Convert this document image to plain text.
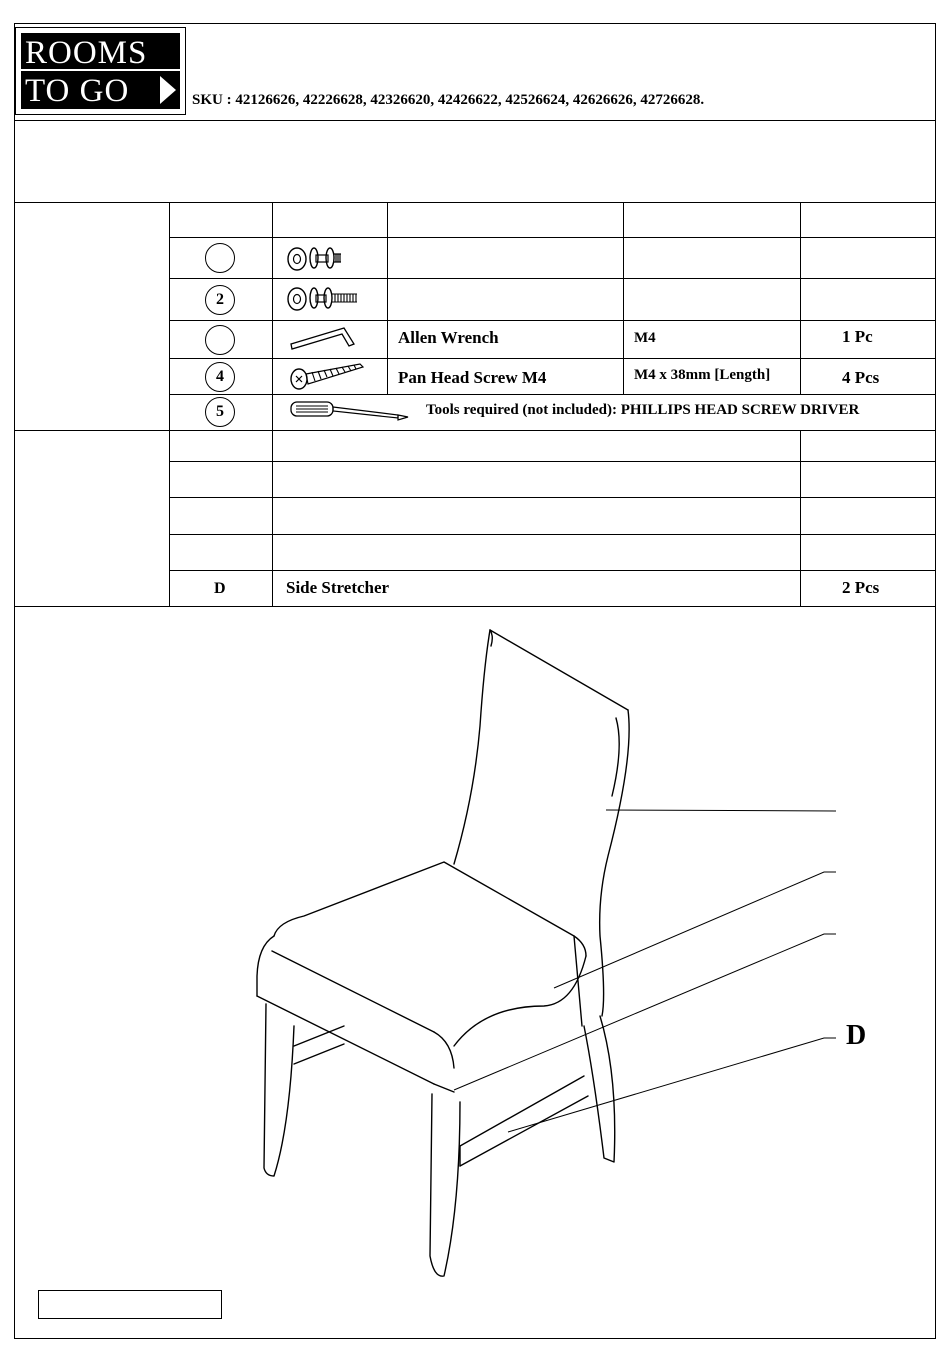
ROOMS
TO GO	SKU : 42126626, 42226628, 42326620, 42426622, 42526624, 42626626, 42726628.
2
Allen Wrench	M4	1 Pc
4	Pan Head Screw M4	M4 x 38mm [Length]	4 Pcs
5	Tools required (not included): PHILLIPS HEAD SCREW DRIVER
D	Side Stretcher	2 Pcs
D
